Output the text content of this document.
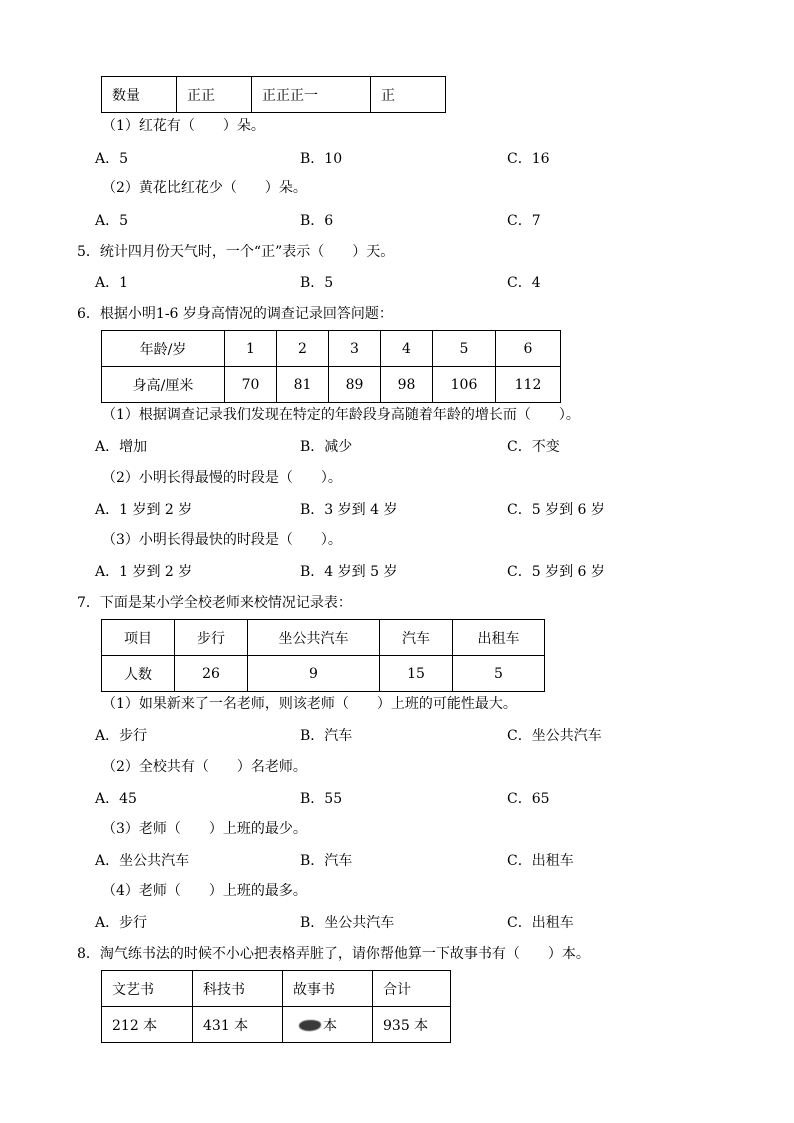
数量	正正	正正正一	正
（1）红花有（　　）朵。
A．5	B．10	C．16
（2）黄花比红花少（　　）朵。
A．5	B．6	C．7
5．统计四月份天气时，一个“正”表示（　　）天。
A．1	B．5	C．4
6．根据小明1-6 岁身高情况的调查记录回答问题：
年龄/岁	1	2	3	4	5	6
身高/厘米	70	81	89	98	106	112
（1）根据调查记录我们发现在特定的年龄段身高随着年龄的增长而（　　）。
A．增加	B．减少	C．不变
（2）小明长得最慢的时段是（　　）。
A．1 岁到 2 岁	B．3 岁到 4 岁	C．5 岁到 6 岁
（3）小明长得最快的时段是（　　）。
A．1 岁到 2 岁	B．4 岁到 5 岁	C．5 岁到 6 岁
7．下面是某小学全校老师来校情况记录表：
项目	步行	坐公共汽车	汽车	出租车
人数	26	9	15	5
（1）如果新来了一名老师，则该老师（　　）上班的可能性最大。
A．步行	B．汽车	C．坐公共汽车
（2）全校共有（　　）名老师。
A．45	B．55	C．65
（3）老师（　　）上班的最少。
A．坐公共汽车	B．汽车	C．出租车
（4）老师（　　）上班的最多。
A．步行	B．坐公共汽车	C．出租车
8．淘气练书法的时候不小心把表格弄脏了，请你帮他算一下故事书有（　　）本。
文艺书	科技书	故事书	合计
212 本	431 本	本	935 本
